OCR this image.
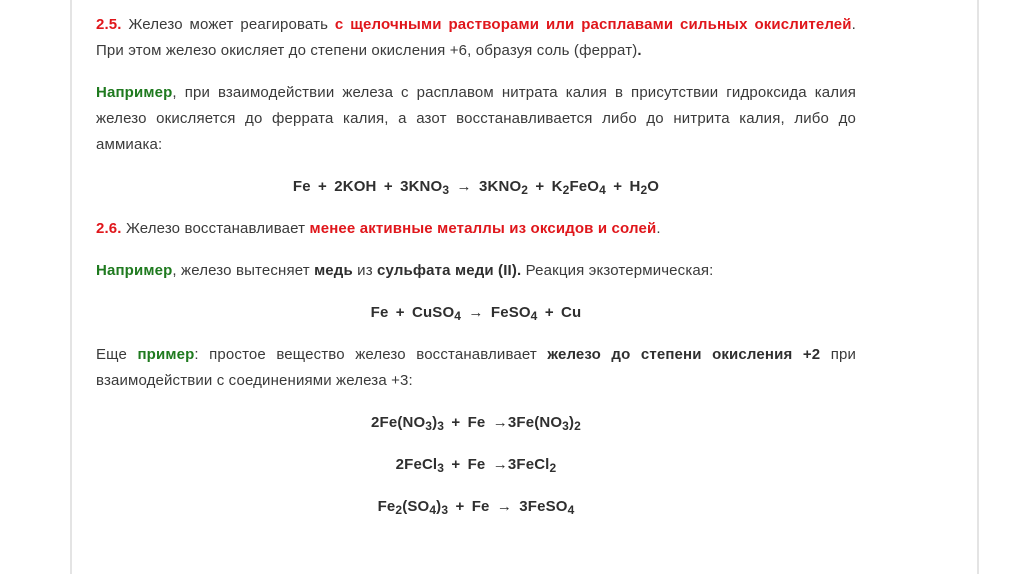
2.5. Железо может реагировать с щелочными растворами или расплавами сильных окислителей. При этом железо окисляет до степени окисления +6, образуя соль (феррат).

Например, при взаимодействии железа с расплавом нитрата калия в присутствии гидроксида калия железо окисляется до феррата калия, а азот восстанавливается либо до нитрита калия, либо до аммиака:

$Fe + 2KOH + 3KNO_3 \to 3KNO_2 + K_2FeO_4 + H_2O$

2.6. Железо восстанавливает менее активные металлы из оксидов и солей.

Например, железо вытесняет медь из сульфата меди (II). Реакция экзотермическая:

Fe + CuSO$_4$ → FeSO$_4$ + Cu

Еще пример: простое вещество железо восстанавливает железо до степени окисления +2 при взаимодействии с соединениями железа +3:

$2Fe(NO_3)_3 + Fe \to 3Fe(NO_3)_2$

2FeCl$_3$ + Fe →3FeCl$_2$

$Fe_2(SO_4)_3 + Fe$ → 3FeSO$_4$
